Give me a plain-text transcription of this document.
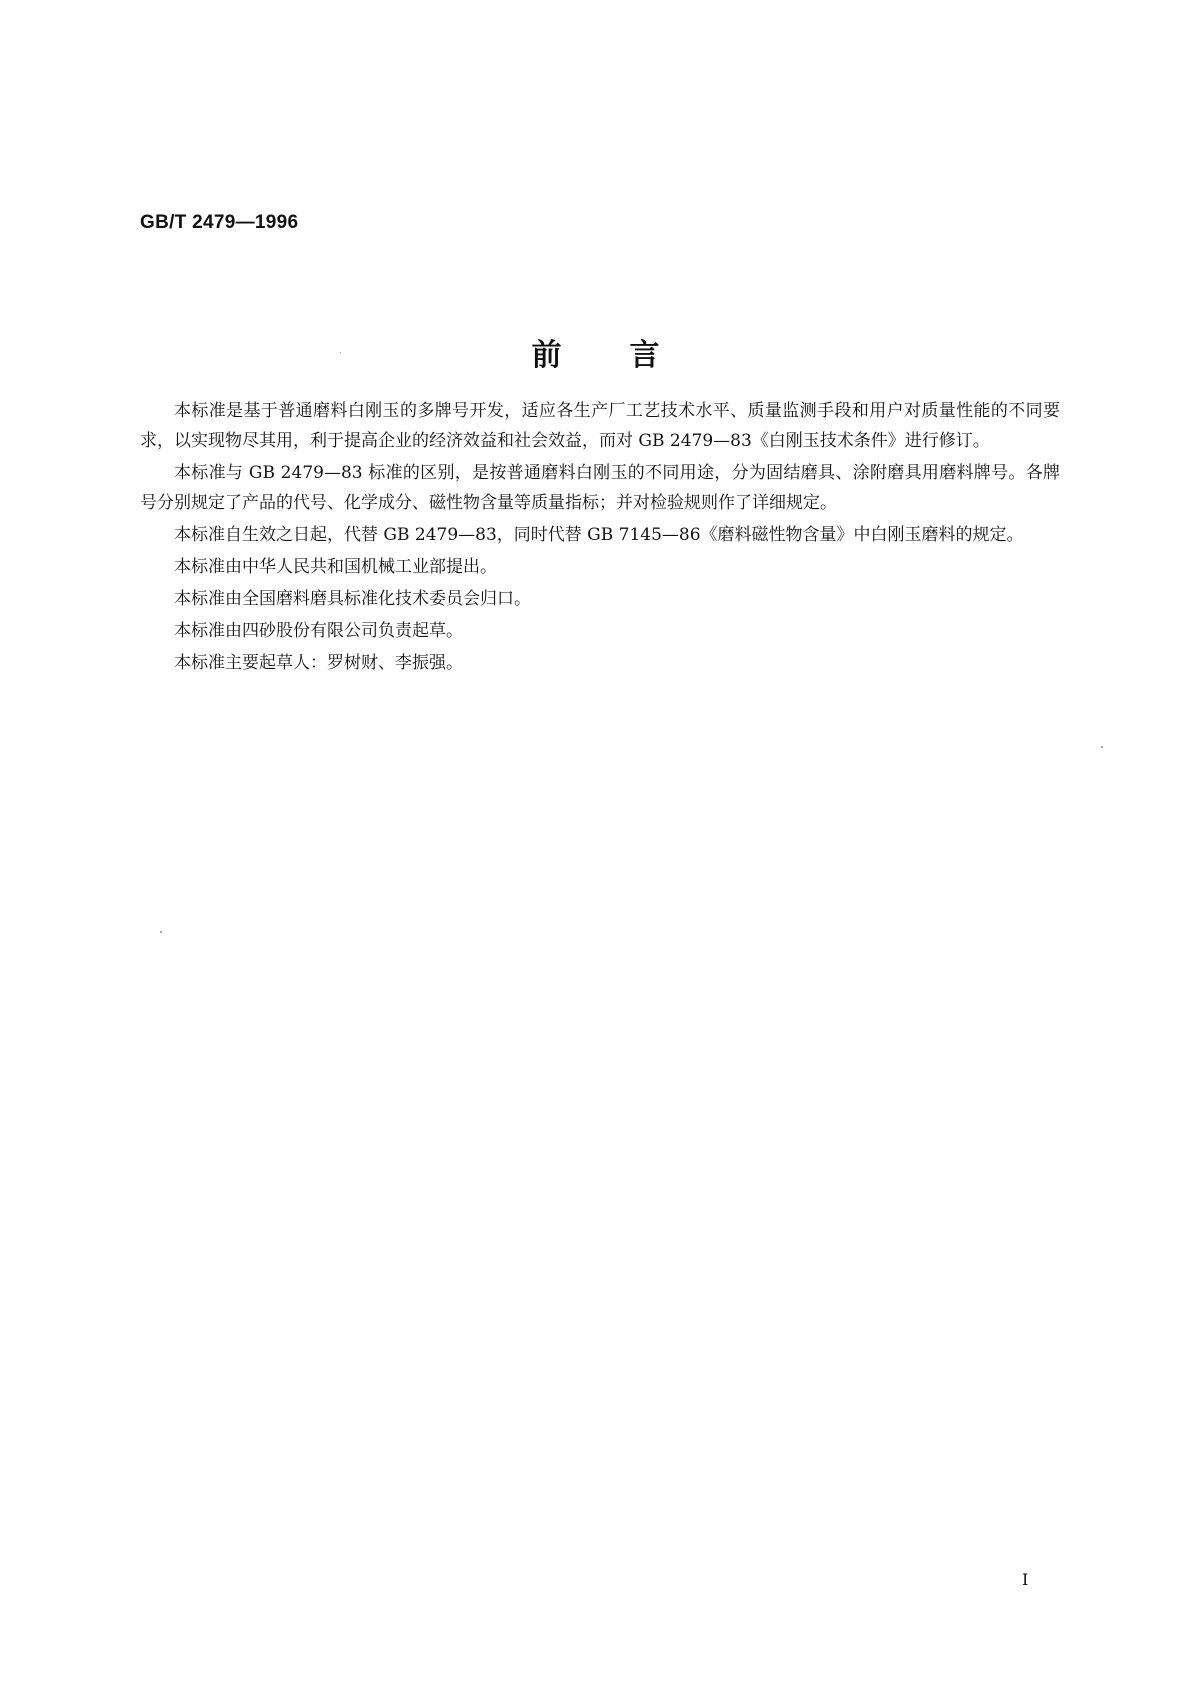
GB/T 2479—1996
前言

本标准是基于普通磨料白刚玉的多牌号开发，适应各生产厂工艺技术水平、质量监测手段和用户对质量性能的不同要求，以实现物尽其用，利于提高企业的经济效益和社会效益，而对 GB 2479—83《白刚玉技术条件》进行修订。

本标准与 GB 2479—83 标准的区别，是按普通磨料白刚玉的不同用途，分为固结磨具、涂附磨具用磨料牌号。各牌号分别规定了产品的代号、化学成分、磁性物含量等质量指标；并对检验规则作了详细规定。

本标准自生效之日起，代替 GB 2479—83，同时代替 GB 7145—86《磨料磁性物含量》中白刚玉磨料的规定。

本标准由中华人民共和国机械工业部提出。

本标准由全国磨料磨具标准化技术委员会归口。

本标准由四砂股份有限公司负责起草。

本标准主要起草人：罗树财、李振强。

I
